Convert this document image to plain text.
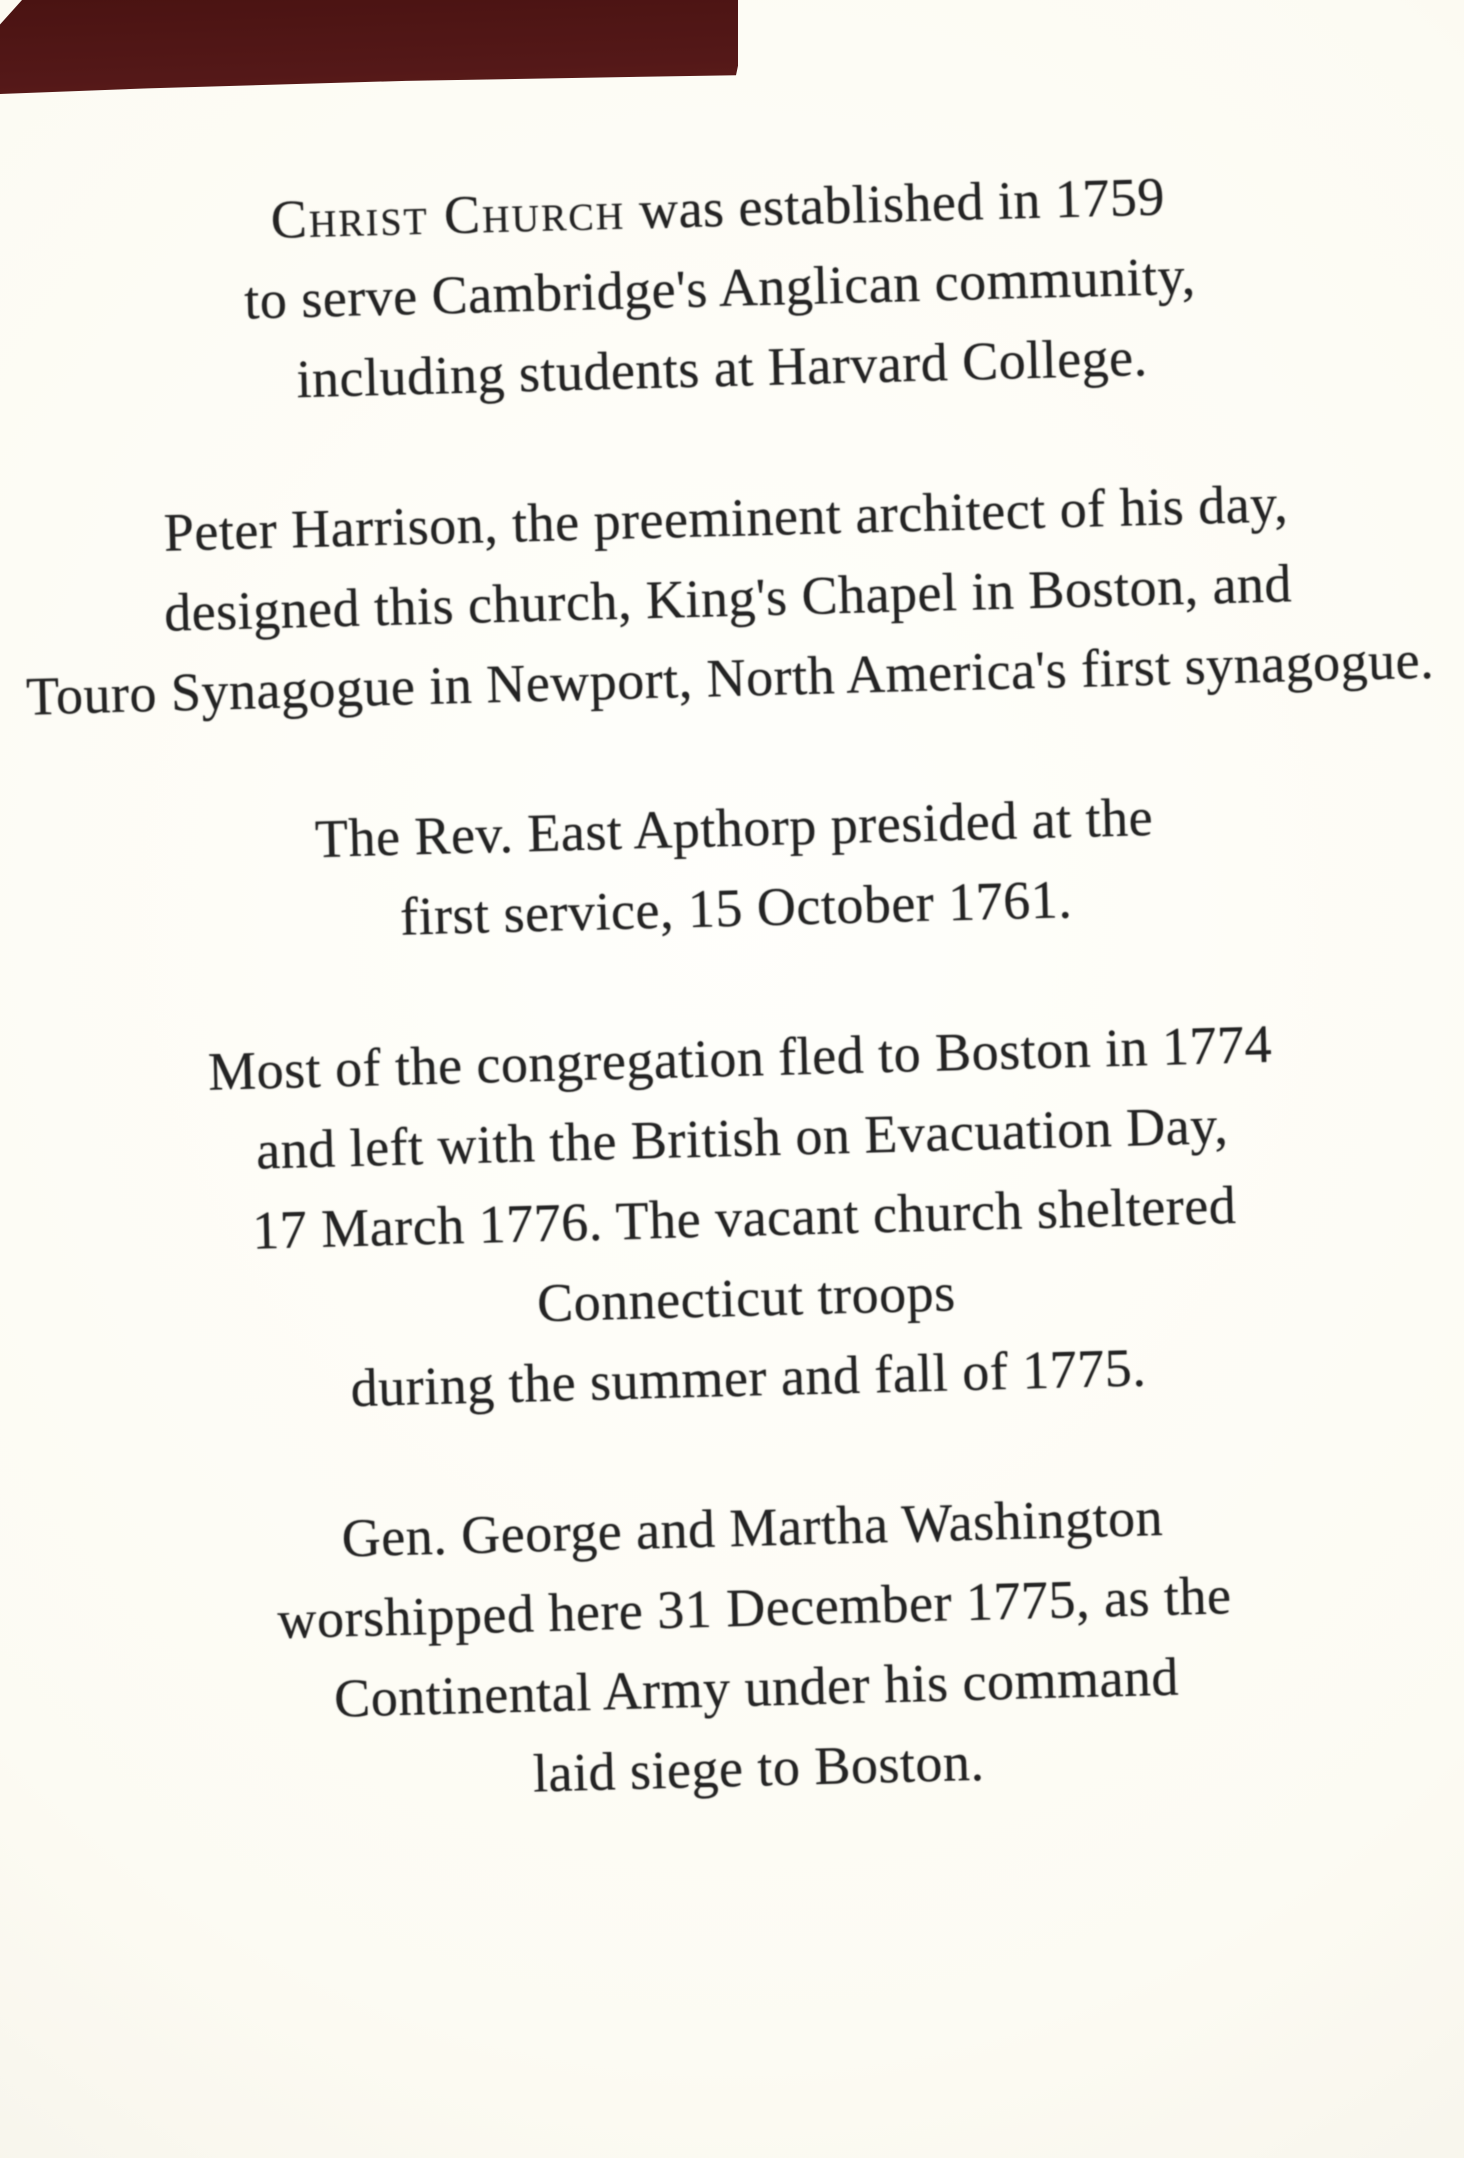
Christ Church was established in 1759
to serve Cambridge's Anglican community,
including students at Harvard College.
Peter Harrison, the preeminent architect of his day,
designed this church, King's Chapel in Boston, and
Touro Synagogue in Newport, North America's first synagogue.
The Rev. East Apthorp presided at the
first service, 15 October 1761.
Most of the congregation fled to Boston in 1774
and left with the British on Evacuation Day,
17 March 1776. The vacant church sheltered
Connecticut troops
during the summer and fall of 1775.
Gen. George and Martha Washington
worshipped here 31 December 1775, as the
Continental Army under his command
laid siege to Boston.
